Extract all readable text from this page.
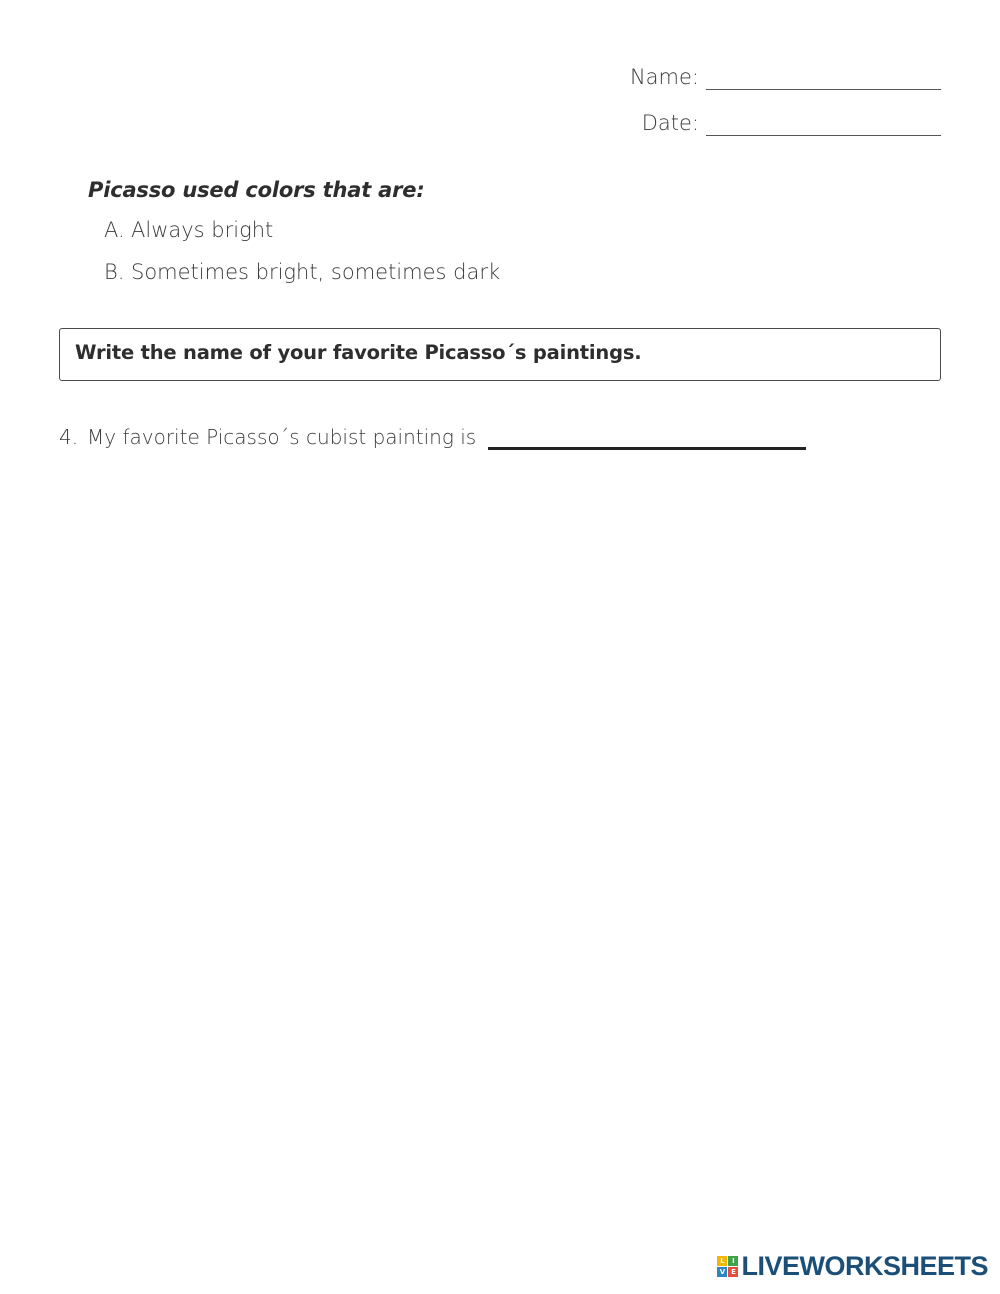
Name:
Date:
Picasso used colors that are:
A. Always bright
B. Sometimes bright, sometimes dark
Write the name of your favorite Picasso´s paintings.
4. My favorite Picasso´s cubist painting is
L	I
V E LIVEWORKSHEETS
